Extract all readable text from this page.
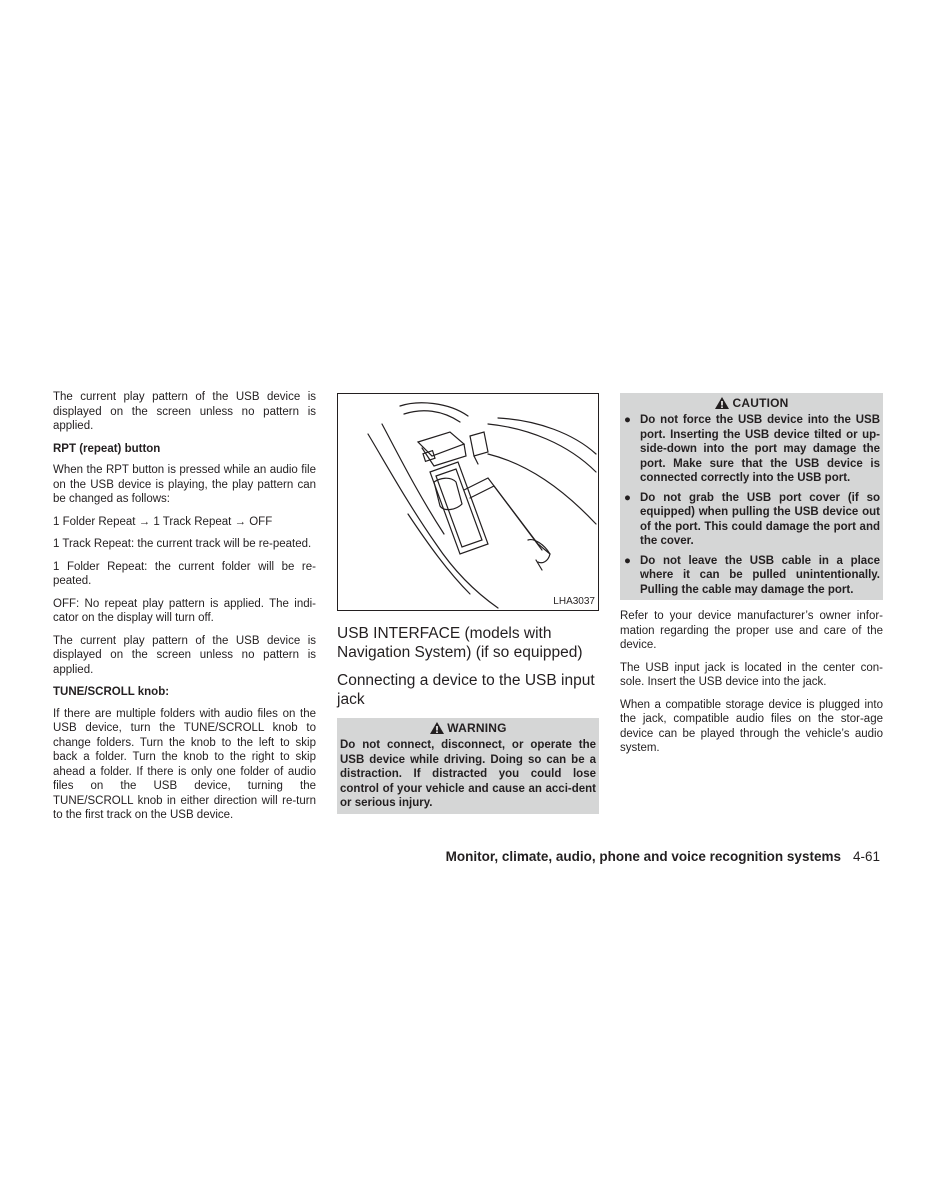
The current play pattern of the USB device is displayed on the screen unless no pattern is applied.

RPT (repeat) button

When the RPT button is pressed while an audio file on the USB device is playing, the play pattern can be changed as follows:

1 Folder Repeat → 1 Track Repeat → OFF

1 Track Repeat: the current track will be re-peated.

1 Folder Repeat: the current folder will be re-peated.

OFF: No repeat play pattern is applied. The indi-cator on the display will turn off.

The current play pattern of the USB device is displayed on the screen unless no pattern is applied.

TUNE/SCROLL knob:

If there are multiple folders with audio files on the USB device, turn the TUNE/SCROLL knob to change folders. Turn the knob to the left to skip back a folder. Turn the knob to the right to skip ahead a folder. If there is only one folder of audio files on the USB device, turning the TUNE/SCROLL knob in either direction will re-turn to the first track on the USB device.

LHA3037
USB INTERFACE (models with Navigation System) (if so equipped)
Connecting a device to the USB input jack
WARNING
Do not connect, disconnect, or operate the USB device while driving. Doing so can be a distraction. If distracted you could lose control of your vehicle and cause an acci-dent or serious injury.
CAUTION
● Do not force the USB device into the USB port. Inserting the USB device tilted or up-side-down into the port may damage the port. Make sure that the USB device is connected correctly into the USB port.
● Do not grab the USB port cover (if so equipped) when pulling the USB device out of the port. This could damage the port and the cover.
● Do not leave the USB cable in a place where it can be pulled unintentionally. Pulling the cable may damage the port.

Refer to your device manufacturer’s owner infor-mation regarding the proper use and care of the device.

The USB input jack is located in the center con-sole. Insert the USB device into the jack.

When a compatible storage device is plugged into the jack, compatible audio files on the stor-age device can be played through the vehicle’s audio system.

Monitor, climate, audio, phone and voice recognition systems 4-61
